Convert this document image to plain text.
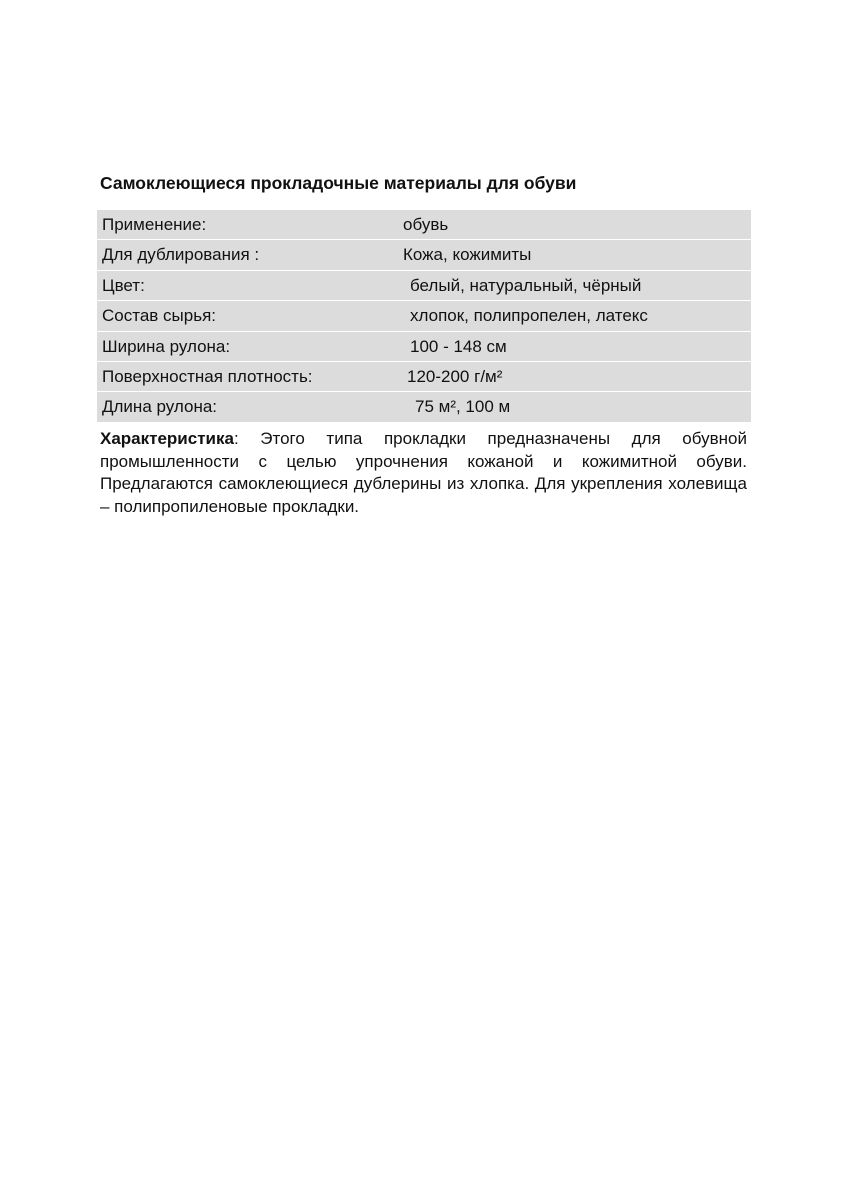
Самоклеющиеся прокладочные материалы для обуви
Применение:	обувь
Для дублирования :	Кожа, кожимиты
Цвет:	белый, натуральный, чёрный
Состав сырья:	хлопок, полипропелен, латекс
Ширина рулона:	100 - 148 см
Поверхностная плотность:	120-200 г/м²
Длина рулона:	75 м², 100 м

Характеристика: Этого типа прокладки предназначены для обувной промышленности с целью упрочнения кожаной и кожимитной обуви. Предлагаются самоклеющиеся дублерины из хлопка. Для укрепления холевища – полипропиленовые прокладки.
